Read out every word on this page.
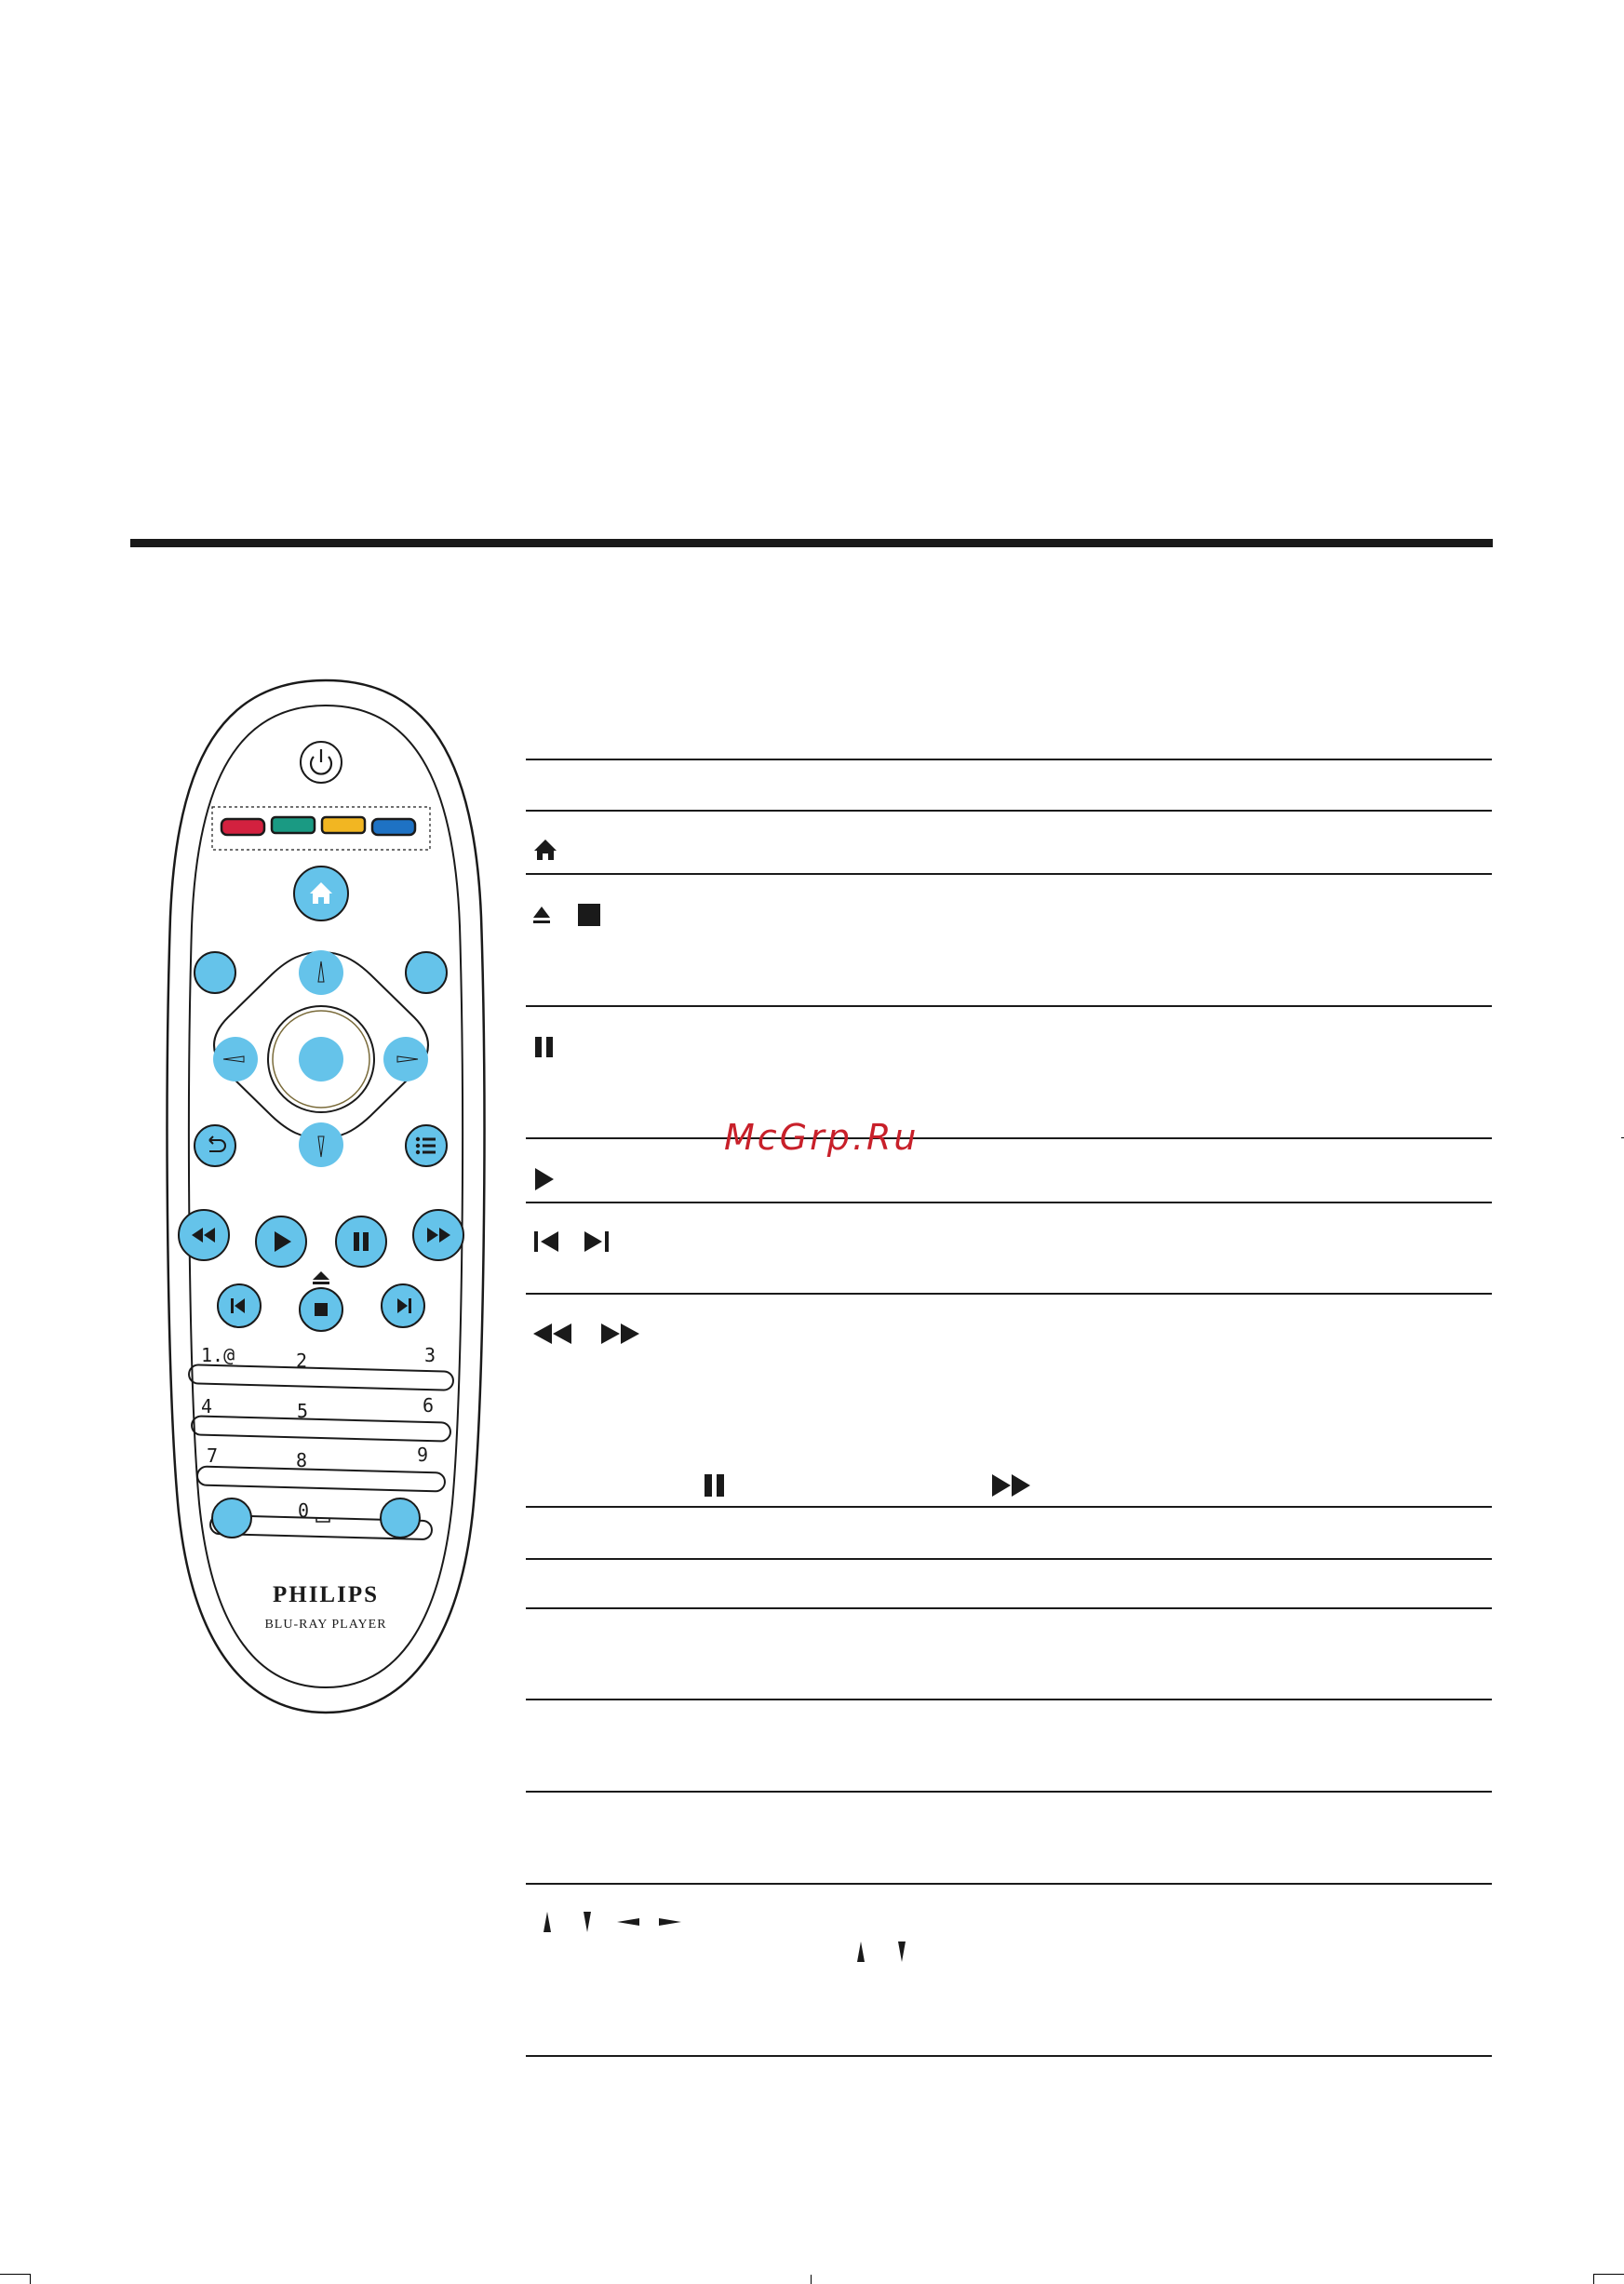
1.@	2	3
4	5	6
7	8	9
0
PHILIPS
BLU-RAY PLAYER
McGrp.Ru
